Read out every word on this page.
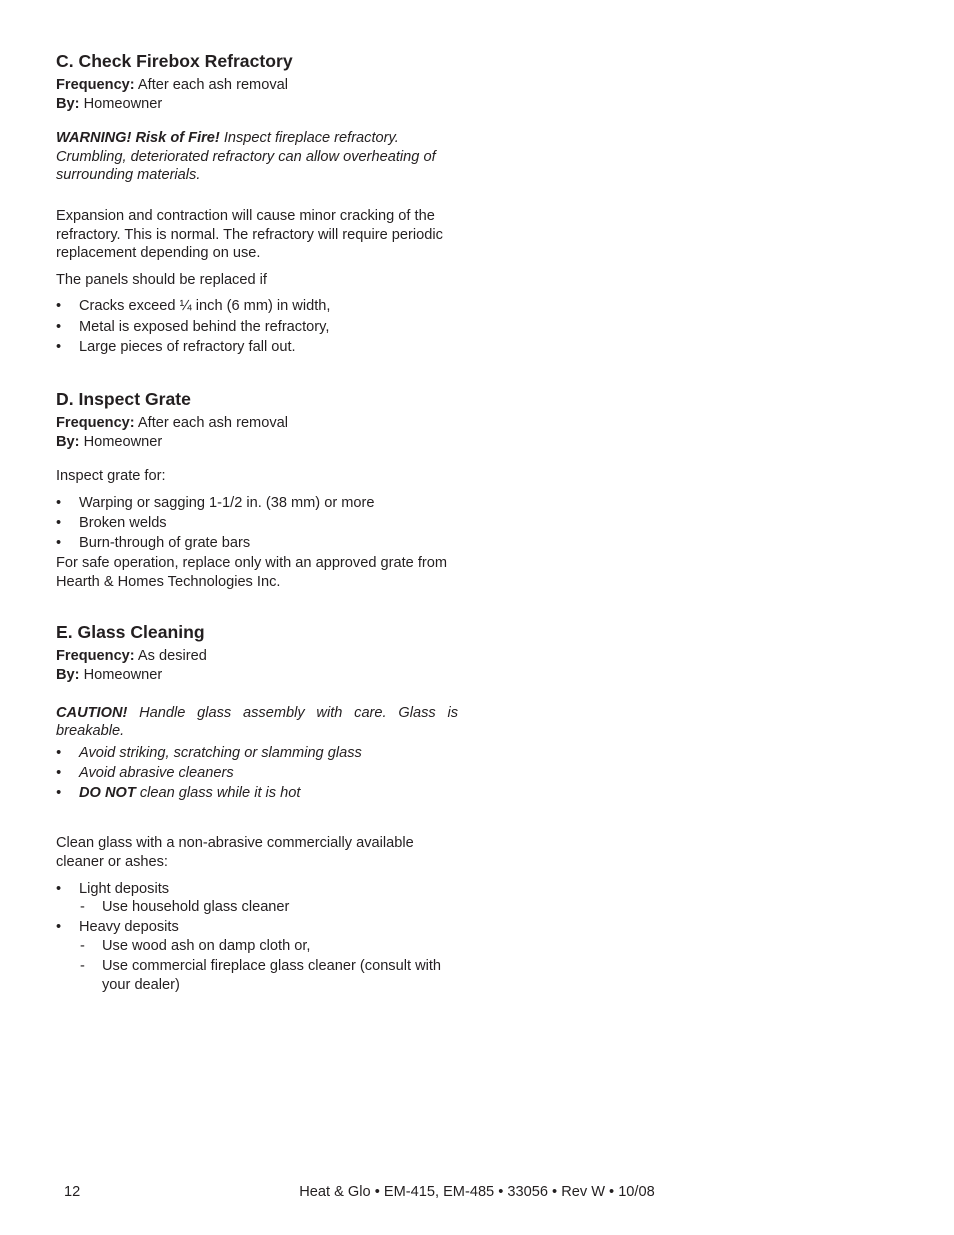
C. Check Firebox Refractory

Frequency: After each ash removal

By: Homeowner

WARNING! Risk of Fire! Inspect fireplace refractory. Crumbling, deteriorated refractory can allow overheating of surrounding materials.

Expansion and contraction will cause minor cracking of the refractory. This is normal. The refractory will require periodic replacement depending on use.

The panels should be replaced if

• Cracks exceed ¼ inch (6 mm) in width,
• Metal is exposed behind the refractory,
• Large pieces of refractory fall out.
D. Inspect Grate

Frequency: After each ash removal

By: Homeowner

Inspect grate for:

• Warping or sagging 1-1/2 in. (38 mm) or more
• Broken welds
• Burn-through of grate bars

For safe operation, replace only with an approved grate from Hearth & Homes Technologies Inc.

E. Glass Cleaning

Frequency: As desired

By: Homeowner

CAUTION! Handle glass assembly with care. Glass is breakable.

• Avoid striking, scratching or slamming glass
• Avoid abrasive cleaners
• DO NOT clean glass while it is hot

Clean glass with a non-abrasive commercially available cleaner or ashes:

• Light deposits
- Use household glass cleaner
• Heavy deposits
- Use wood ash on damp cloth or,
- Use commercial fireplace glass cleaner (consult with your dealer)
12	Heat & Glo • EM-415, EM-485 • 33056 • Rev W • 10/08
